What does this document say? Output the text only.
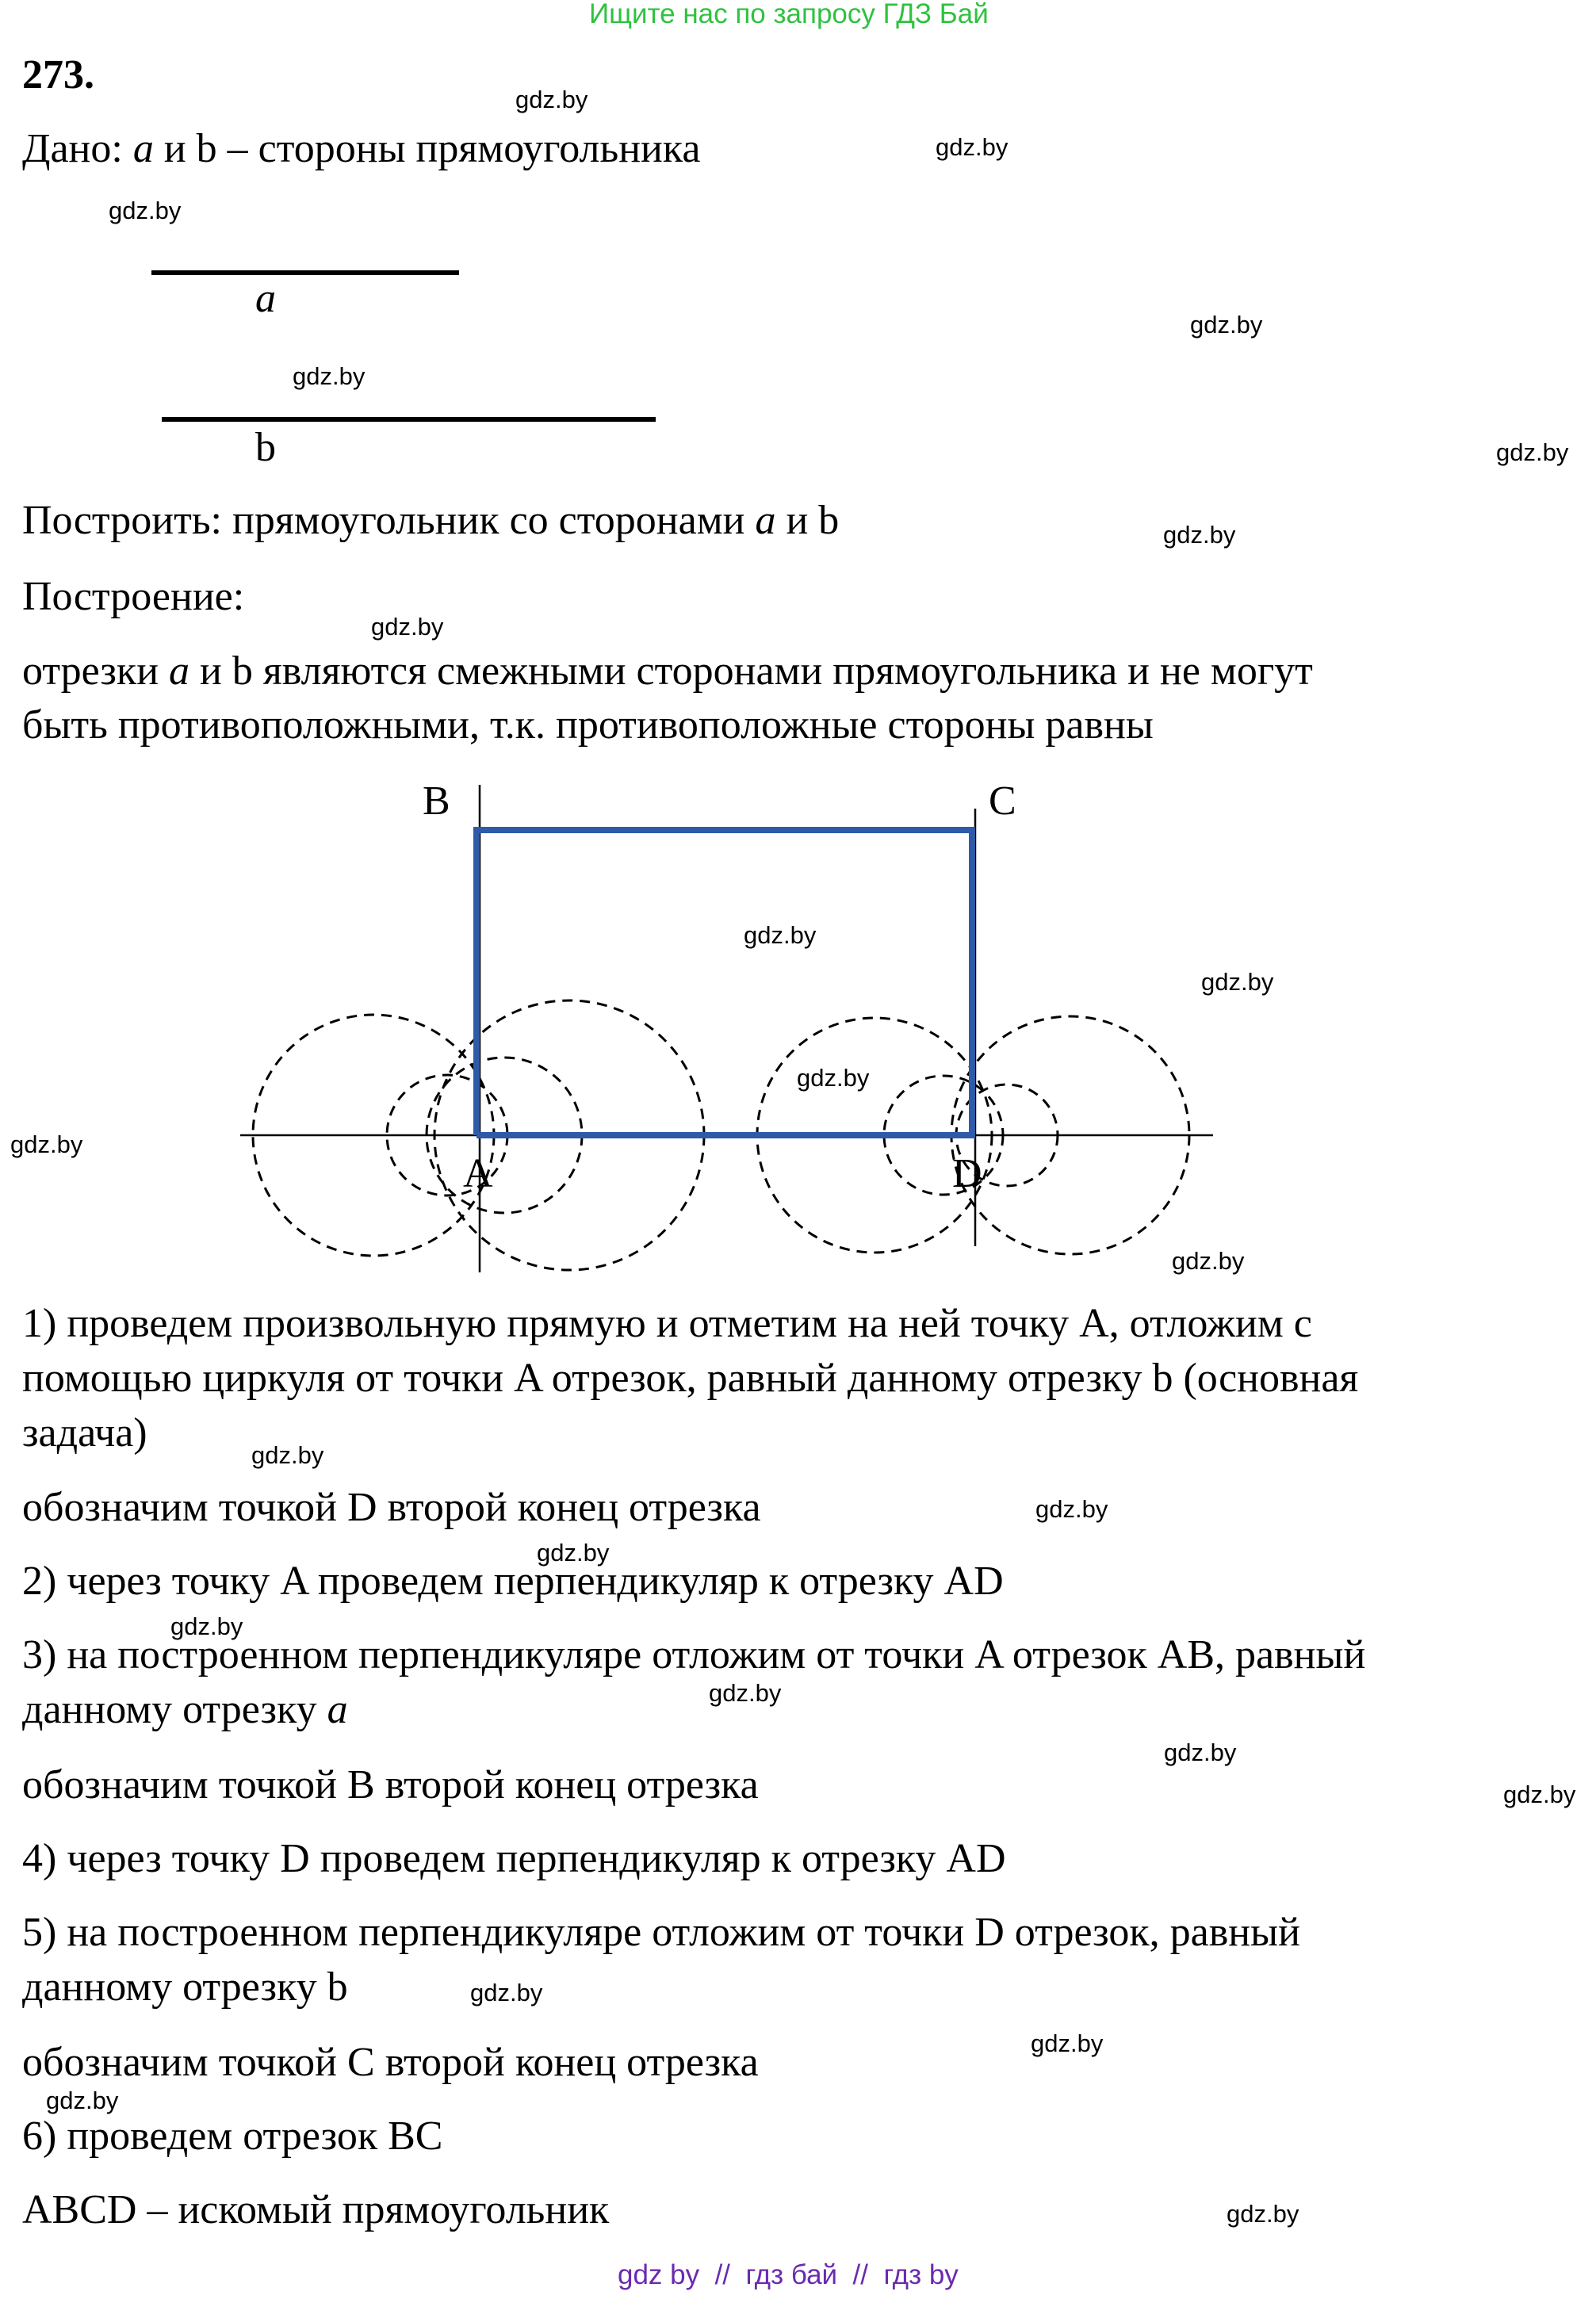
Ищите нас по запросу ГДЗ Бай
273.
Дано: a и b – стороны прямоугольника
a
b
Построить: прямоугольник со сторонами a и b
Построение:
отрезки a и b являются смежными сторонами прямоугольника и не могут
быть противоположными, т.к. противоположные стороны равны
B	C
A	D
1) проведем произвольную прямую и отметим на ней точку A, отложим с
помощью циркуля от точки A отрезок, равный данному отрезку b (основная
задача)
обозначим точкой D второй конец отрезка
2) через точку A проведем перпендикуляр к отрезку AD
3) на построенном перпендикуляре отложим от точки A отрезок AB, равный
данному отрезку a
обозначим точкой B второй конец отрезка
4) через точку D проведем перпендикуляр к отрезку AD
5) на построенном перпендикуляре отложим от точки D отрезок, равный
данному отрезку b
обозначим точкой C второй конец отрезка
6) проведем отрезок BC
ABCD – искомый прямоугольник
gdz.by
gdz.by
gdz.by
gdz.by
gdz.by
gdz.by
gdz.by
gdz.by
gdz.by
gdz.by
gdz.by
gdz.by
gdz.by
gdz.by
gdz.by
gdz.by
gdz.by
gdz.by
gdz.by
gdz.by
gdz.by
gdz.by
gdz.by
gdz.by
gdz by  //  гдз бай  //  гдз by
